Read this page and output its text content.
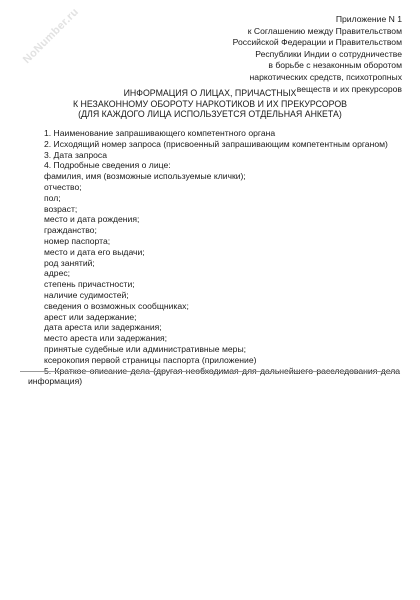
NoNumber.ru	Приложение N 1
к Соглашению между Правительством
Российской Федерации и Правительством
Республики Индии о сотрудничестве
в борьбе с незаконным оборотом
наркотических средств, психотропных
веществ и их прекурсоров
ИНФОРМАЦИЯ О ЛИЦАХ, ПРИЧАСТНЫХ
К НЕЗАКОННОМУ ОБОРОТУ НАРКОТИКОВ И ИХ ПРЕКУРСОРОВ
(ДЛЯ КАЖДОГО ЛИЦА ИСПОЛЬЗУЕТСЯ ОТДЕЛЬНАЯ АНКЕТА)
1. Наименование запрашивающего компетентного органа
2. Исходящий номер запроса (присвоенный запрашивающим компетентным органом)
3. Дата запроса
4. Подробные сведения о лице:
фамилия, имя (возможные используемые клички);
отчество;
пол;
возраст;
место и дата рождения;
гражданство;
номер паспорта;
место и дата его выдачи;
род занятий;
адрес;
степень причастности;
наличие судимостей;
сведения о возможных сообщниках;
арест или задержание;
дата ареста или задержания;
место ареста или задержания;
принятые судебные или административные меры;
ксерокопия первой страницы паспорта (приложение)
5. Краткое описание дела (другая необходимая для дальнейшего расследования дела информация)
